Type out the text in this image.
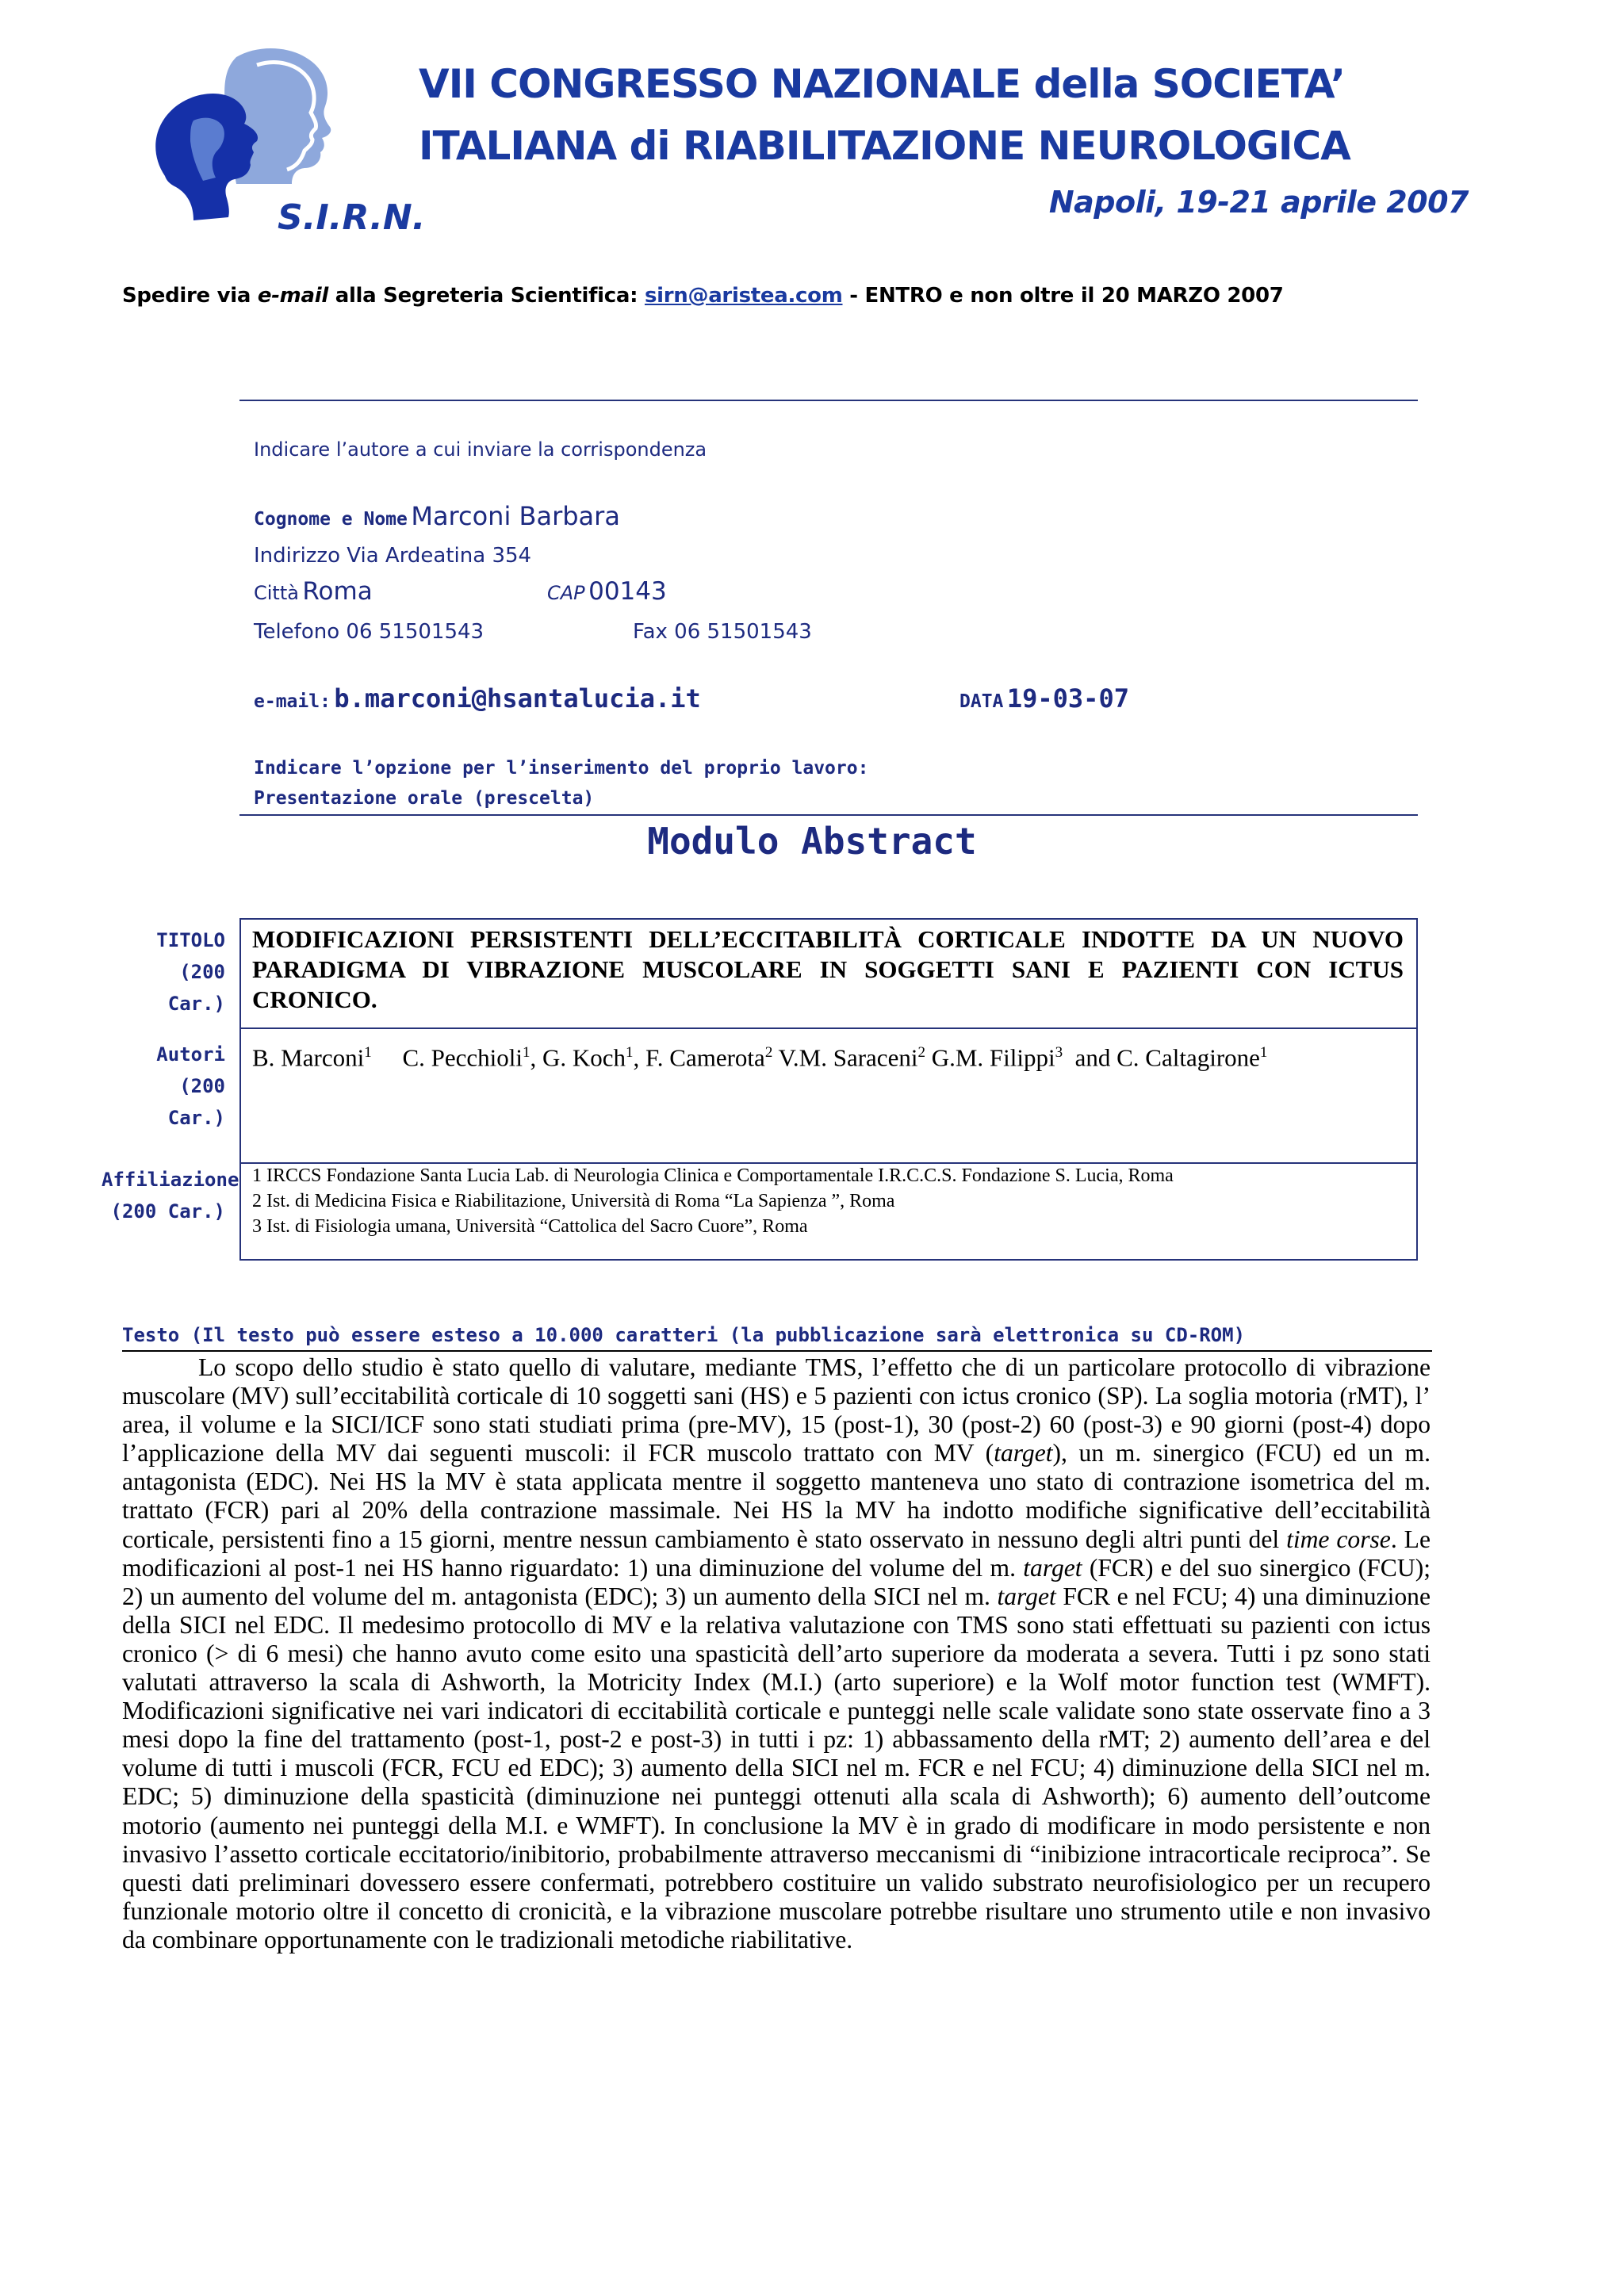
S.I.R.N.
VII CONGRESSO NAZIONALE della SOCIETA’
ITALIANA di RIABILITAZIONE NEUROLOGICA
Napoli, 19-21 aprile 2007
Spedire via e-mail alla Segreteria Scientifica: sirn@aristea.com - ENTRO e non oltre il 20 MARZO 2007
Indicare l’autore a cui inviare la corrispondenza
Cognome e Nome Marconi Barbara
Indirizzo Via Ardeatina 354
Città Roma	CAP 00143
Telefono 06 51501543	Fax 06 51501543
e-mail: b.marconi@hsantalucia.it	DATA 19-03-07
Indicare l’opzione per l’inserimento del proprio lavoro:
Presentazione orale (prescelta)
Modulo Abstract
TITOLO
(200 Car.)
MODIFICAZIONI PERSISTENTI DELL’ECCITABILITÀ CORTICALE INDOTTE DA UN NUOVO PARADIGMA DI VIBRAZIONE MUSCOLARE IN SOGGETTI SANI E PAZIENTI CON ICTUS CRONICO.
Autori
(200 Car.)
B. Marconi$^1$ C. Pecchioli$^1$, G. Koch$^1$, F. Camerota$^2$ V.M. Saraceni$^2$ G.M. Filippi$^3$  and C. Caltagirone$^1$
Affiliazione
(200 Car.)
1 IRCCS Fondazione Santa Lucia Lab. di Neurologia Clinica e Comportamentale I.R.C.C.S. Fondazione S. Lucia, Roma
2 Ist. di Medicina Fisica e Riabilitazione, Università di Roma “La Sapienza ”, Roma
3 Ist. di Fisiologia umana, Università “Cattolica del Sacro Cuore”, Roma
Testo (Il testo può essere esteso a 10.000 caratteri (la pubblicazione sarà elettronica su CD-ROM)
Lo scopo dello studio è stato quello di valutare, mediante TMS, l’effetto che di un particolare protocollo di vibrazione muscolare (MV) sull’eccitabilità corticale di 10 soggetti sani (HS) e 5 pazienti con ictus cronico (SP). La soglia motoria (rMT), l’ area, il volume e la SICI/ICF sono stati studiati prima (pre-MV), 15 (post-1), 30 (post-2) 60 (post-3) e 90 giorni (post-4) dopo l’applicazione della MV dai seguenti muscoli: il FCR muscolo trattato con MV (target), un m. sinergico (FCU) ed un m. antagonista (EDC). Nei HS la MV è stata applicata mentre il soggetto manteneva uno stato di contrazione isometrica del m. trattato (FCR) pari al 20% della contrazione massimale. Nei HS la MV ha indotto modifiche significative dell’eccitabilità corticale, persistenti fino a 15 giorni, mentre nessun cambiamento è stato osservato in nessuno degli altri punti del time corse. Le modificazioni al post-1 nei HS hanno riguardato: 1) una diminuzione del volume del m. target (FCR) e del suo sinergico (FCU); 2) un aumento del volume del m. antagonista (EDC); 3) un aumento della SICI nel m. target FCR e nel FCU; 4) una diminuzione della SICI nel EDC. Il medesimo protocollo di MV e la relativa valutazione con TMS sono stati effettuati su pazienti con ictus cronico (> di 6 mesi) che hanno avuto come esito una spasticità dell’arto superiore da moderata a severa. Tutti i pz sono stati valutati attraverso la scala di Ashworth, la Motricity Index (M.I.) (arto superiore) e la Wolf motor function test (WMFT). Modificazioni significative nei vari indicatori di eccitabilità corticale e punteggi nelle scale validate sono state osservate fino a 3 mesi dopo la fine del trattamento (post-1, post-2 e post-3) in tutti i pz: 1) abbassamento della rMT; 2) aumento dell’area e del volume di tutti i muscoli (FCR, FCU ed EDC); 3) aumento della SICI nel m. FCR e nel FCU; 4) diminuzione della SICI nel m. EDC; 5) diminuzione della spasticità (diminuzione nei punteggi ottenuti alla scala di Ashworth); 6) aumento dell’outcome motorio (aumento nei punteggi della M.I. e WMFT). In conclusione la MV è in grado di modificare in modo persistente e non invasivo l’assetto corticale eccitatorio/inibitorio, probabilmente attraverso meccanismi di “inibizione intracorticale reciproca”. Se questi dati preliminari dovessero essere confermati, potrebbero costituire un valido substrato neurofisiologico per un recupero funzionale motorio oltre il concetto di cronicità, e la vibrazione muscolare potrebbe risultare uno strumento utile e non invasivo da combinare opportunamente con le tradizionali metodiche riabilitative.
